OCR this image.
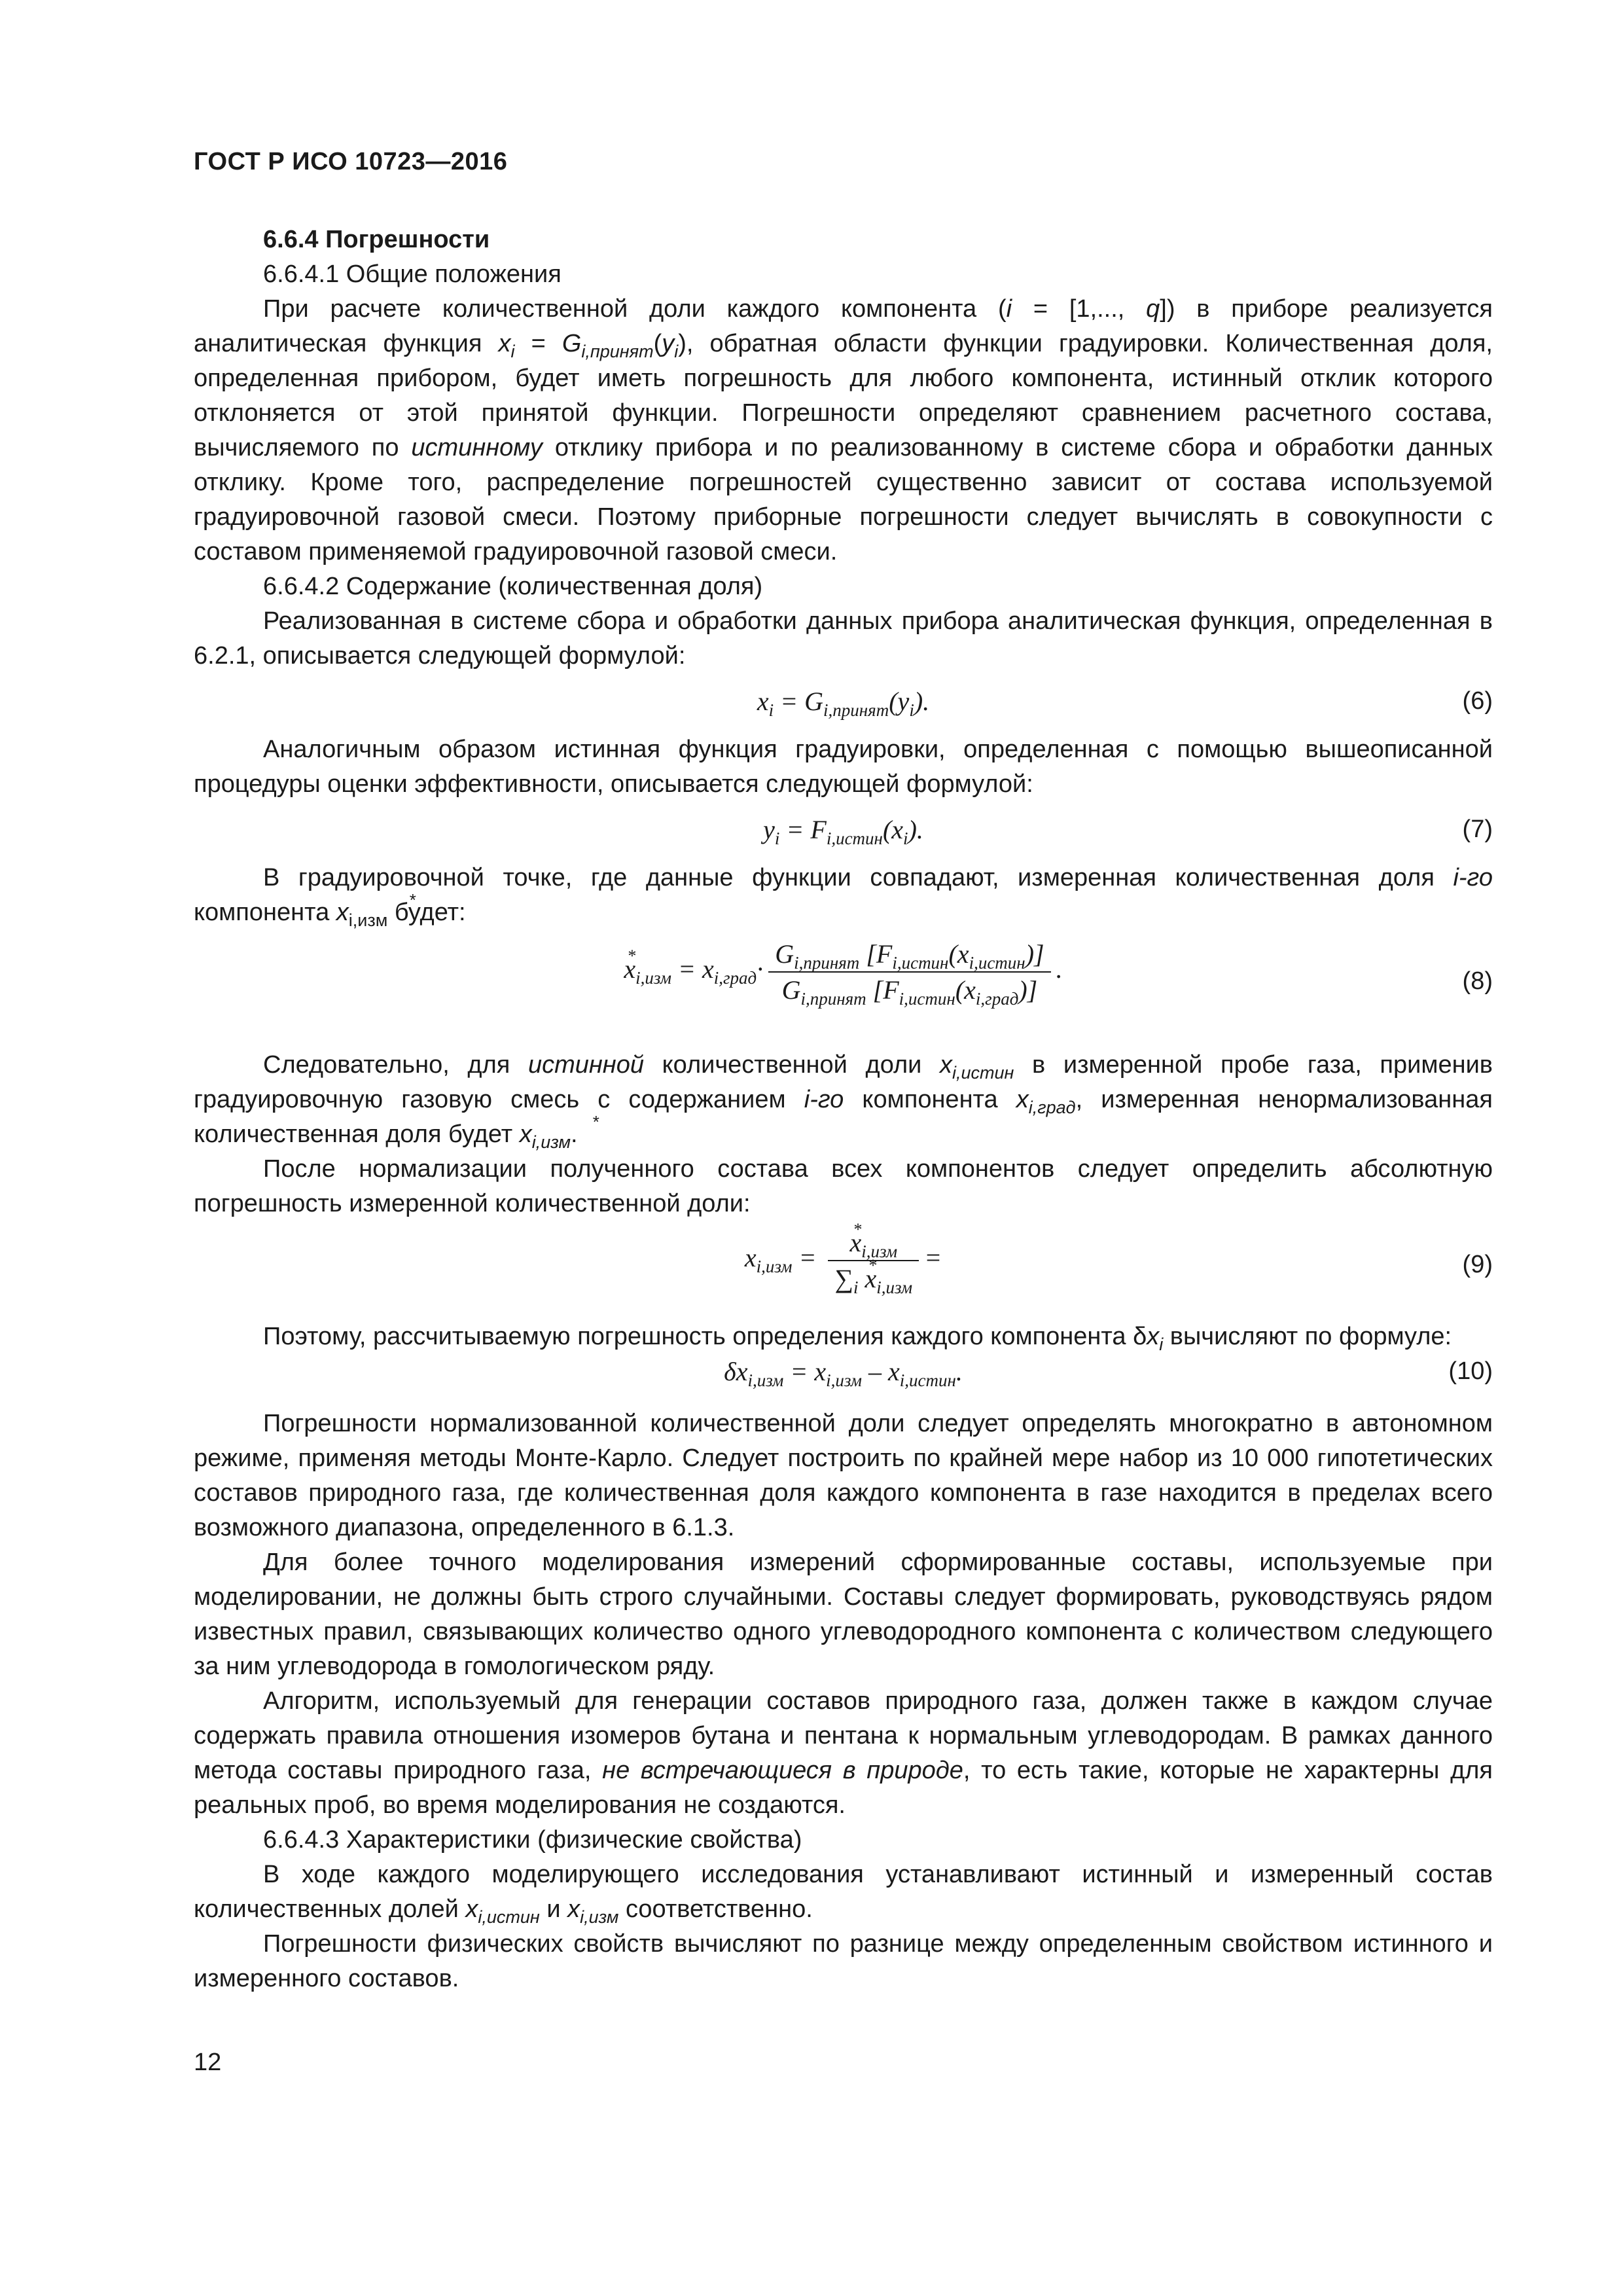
ГОСТ Р ИСО 10723—2016

6.6.4 Погрешности

6.6.4.1 Общие положения

При расчете количественной доли каждого компонента (i = [1,..., q]) в приборе реализуется аналитическая функция $x_i = G_{i,принят}(y_i)$, обратная области функции градуировки. Количественная доля, определенная прибором, будет иметь погрешность для любого компонента, истинный отклик которого отклоняется от этой принятой функции. Погрешности определяют сравнением расчетного состава, вычисляемого по истинному отклику прибора и по реализованному в системе сбора и обработки данных отклику. Кроме того, распределение погрешностей существенно зависит от состава используемой градуировочной газовой смеси. Поэтому приборные погрешности следует вычислять в совокупности с составом применяемой градуировочной газовой смеси.

6.6.4.2 Содержание (количественная доля)

Реализованная в системе сбора и обработки данных прибора аналитическая функция, определенная в 6.2.1, описывается следующей формулой:

$x_i = G_{i,принят}(y_i)$.	(6)

Аналогичным образом истинная функция градуировки, определенная с помощью вышеописанной процедуры оценки эффективности, описывается следующей формулой:

$y_i = F_{i,истин}(x_i)$.	(7)

В градуировочной точке, где данные функции совпадают, измеренная количественная доля i-го компонента * $x_{i,изм}$ будет:

* $x_{i,изм} = x_{i,град}\cdot \frac{G_{i,принят} [F_{i,истин}(x_{i,истин})]}{G_{i,принят} [F_{i,истин}(x_{i,град})]}$ .	(8)

Следовательно, для истинной количественной доли $x_{i,истин}$ в измеренной пробе газа, применив градуировочную газовую смесь с содержанием i-го компонента $x_{i,град}$, измеренная ненормализованная количественная доля будет * $x_{i,изм}$.

После нормализации полученного состава всех компонентов следует определить абсолютную погрешность измеренной количественной доли:

$x_{i,изм}$ = * $\frac{x_{i,изм}}{\sum_i * x_{i,изм}}$ =	(9)

Поэтому, рассчитываемую погрешность определения каждого компонента $\delta x_i$ вычисляют по формуле:

$\delta x_{i,изм} = x_{i,изм} - x_{i,истин}$.	(10)

Погрешности нормализованной количественной доли следует определять многократно в автономном режиме, применяя методы Монте-Карло. Следует построить по крайней мере набор из 10 000 гипотетических составов природного газа, где количественная доля каждого компонента в газе находится в пределах всего возможного диапазона, определенного в 6.1.3.

Для более точного моделирования измерений сформированные составы, используемые при моделировании, не должны быть строго случайными. Составы следует формировать, руководствуясь рядом известных правил, связывающих количество одного углеводородного компонента с количеством следующего за ним углеводорода в гомологическом ряду.

Алгоритм, используемый для генерации составов природного газа, должен также в каждом случае содержать правила отношения изомеров бутана и пентана к нормальным углеводородам. В рамках данного метода составы природного газа, не встречающиеся в природе, то есть такие, которые не характерны для реальных проб, во время моделирования не создаются.

6.6.4.3 Характеристики (физические свойства)

В ходе каждого моделирующего исследования устанавливают истинный и измеренный состав количественных долей $x_{i,истин}$ и $x_{i,изм}$ соответственно.

Погрешности физических свойств вычисляют по разнице между определенным свойством истинного и измеренного составов.

12
